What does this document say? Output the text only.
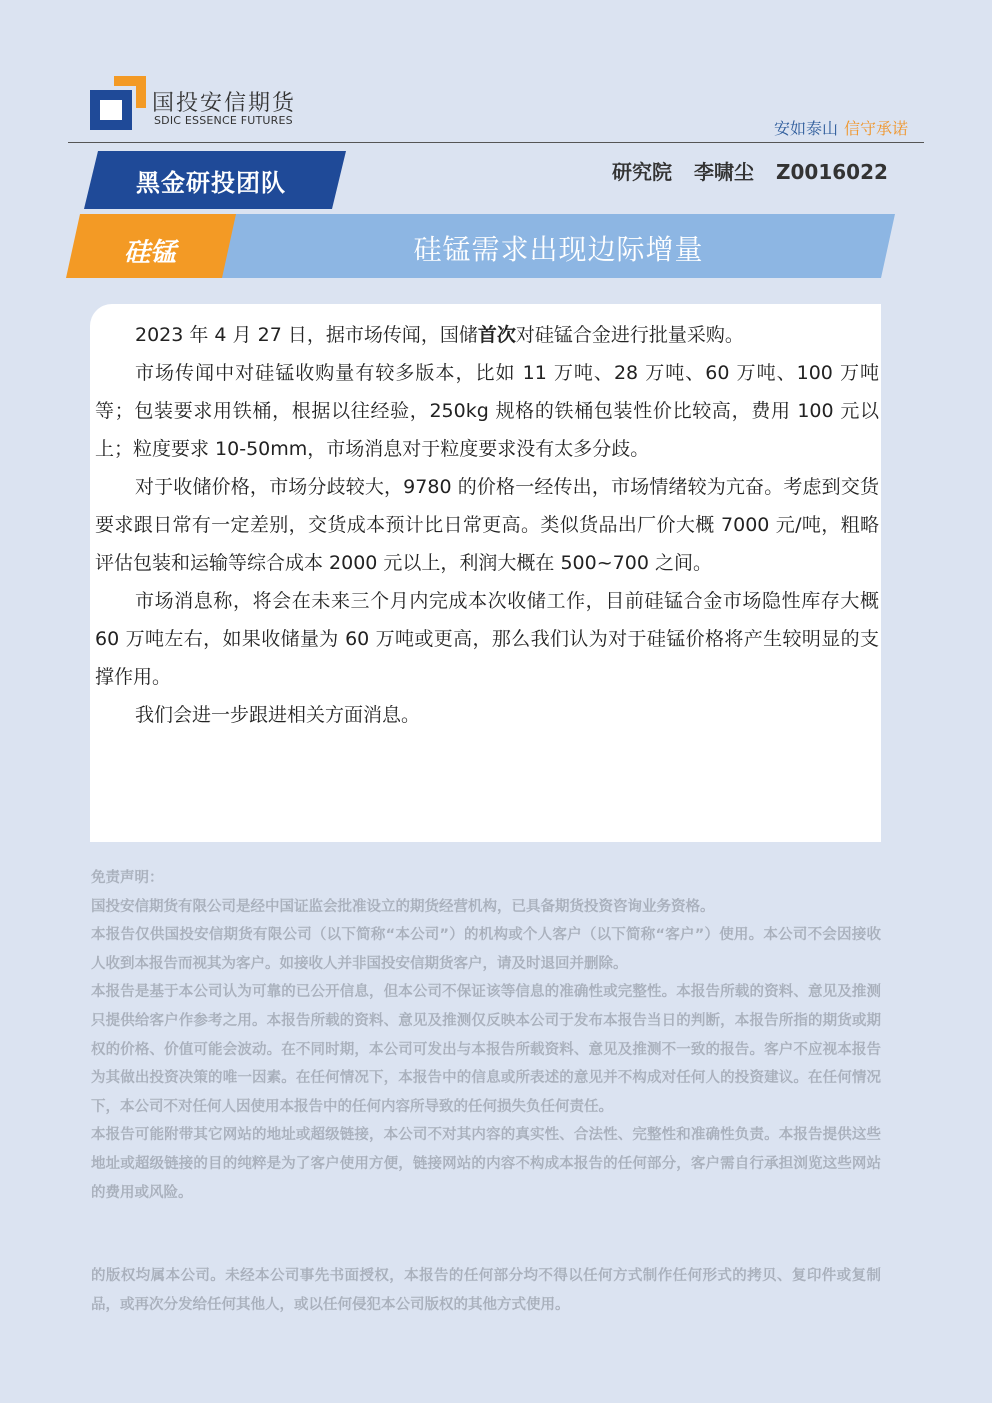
国投安信期货
SDIC ESSENCE FUTURES	安如泰山 信守承诺
黑金研投团队	研究院 李啸尘 Z0016022
硅锰	硅锰需求出现边际增量

2023 年 4 月 27 日，据市场传闻，国储首次对硅锰合金进行批量采购。

市场传闻中对硅锰收购量有较多版本，比如 11 万吨、28 万吨、60 万吨、100 万吨等；包装要求用铁桶，根据以往经验，250kg 规格的铁桶包装性价比较高，费用 100 元以上；粒度要求 10-50mm，市场消息对于粒度要求没有太多分歧。

对于收储价格，市场分歧较大，9780 的价格一经传出，市场情绪较为亢奋。考虑到交货要求跟日常有一定差别，交货成本预计比日常更高。类似货品出厂价大概 7000 元/吨，粗略评估包装和运输等综合成本 2000 元以上，利润大概在 500~700 之间。

市场消息称，将会在未来三个月内完成本次收储工作，目前硅锰合金市场隐性库存大概 60 万吨左右，如果收储量为 60 万吨或更高，那么我们认为对于硅锰价格将产生较明显的支撑作用。

我们会进一步跟进相关方面消息。

免责声明：

国投安信期货有限公司是经中国证监会批准设立的期货经营机构，已具备期货投资咨询业务资格。

本报告仅供国投安信期货有限公司（以下简称“本公司”）的机构或个人客户（以下简称“客户”）使用。本公司不会因接收人收到本报告而视其为客户。如接收人并非国投安信期货客户，请及时退回并删除。

本报告是基于本公司认为可靠的已公开信息，但本公司不保证该等信息的准确性或完整性。本报告所载的资料、意见及推测只提供给客户作参考之用。本报告所载的资料、意见及推测仅反映本公司于发布本报告当日的判断，本报告所指的期货或期权的价格、价值可能会波动。在不同时期，本公司可发出与本报告所载资料、意见及推测不一致的报告。客户不应视本报告为其做出投资决策的唯一因素。在任何情况下，本报告中的信息或所表述的意见并不构成对任何人的投资建议。在任何情况下，本公司不对任何人因使用本报告中的任何内容所导致的任何损失负任何责任。

本报告可能附带其它网站的地址或超级链接，本公司不对其内容的真实性、合法性、完整性和准确性负责。本报告提供这些地址或超级链接的目的纯粹是为了客户使用方便，链接网站的内容不构成本报告的任何部分，客户需自行承担浏览这些网站的费用或风险。

的版权均属本公司。未经本公司事先书面授权，本报告的任何部分均不得以任何方式制作任何形式的拷贝、复印件或复制品，或再次分发给任何其他人，或以任何侵犯本公司版权的其他方式使用。
